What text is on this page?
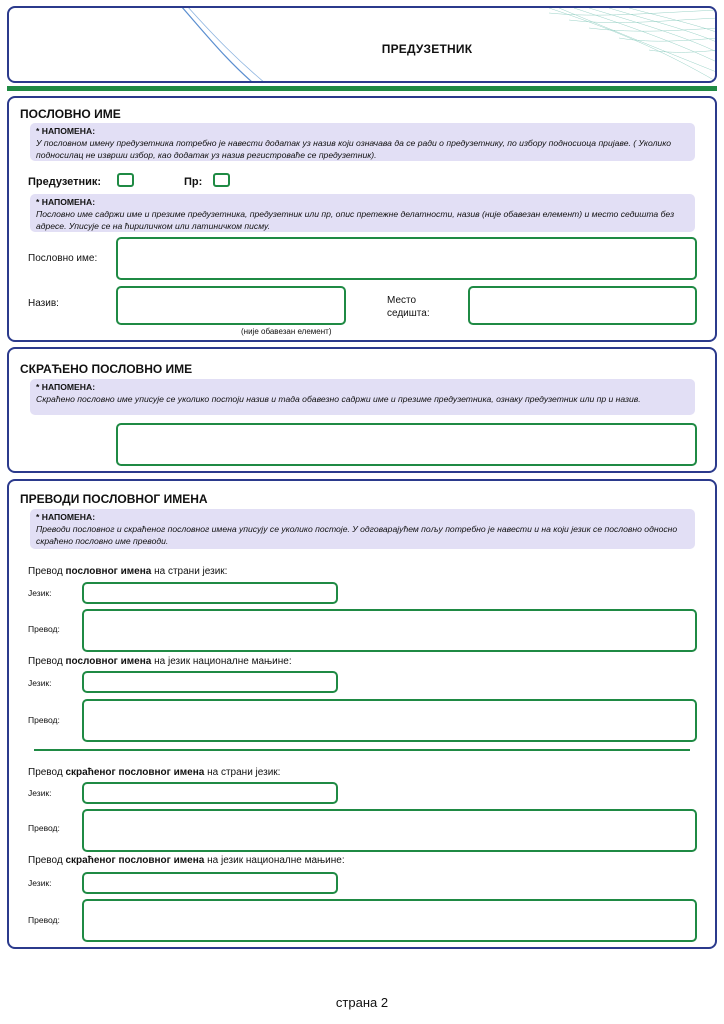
ПРЕДУЗЕТНИК
ПОСЛОВНО ИМЕ
* НАПОМЕНА:
У пословном имену предузетника потребно је навести додатак уз назив који означава да се ради о предузетнику, по избору подносиоца пријаве. ( Уколико подносилац не изврши избор, као додатак уз назив регистроваће се предузетник).
Предузетник:	Пр:
* НАПОМЕНА:
Пословно име садржи име и презиме предузетника, предузетник или пр, опис претежне делатности, назив (није обавезан елемент) и место седишта без адресе. Уписује се на ћириличком или латиничком писму.
Пословно име:
Назив:
(није обавезан елемент)
Место седишта:
СКРАЋЕНО ПОСЛОВНО ИМЕ
* НАПОМЕНА:
Скраћено пословно име уписује се уколико постоји назив и тада обавезно садржи име и презиме предузетника, ознаку предузетник или пр и назив.
ПРЕВОДИ ПОСЛОВНОГ ИМЕНА
* НАПОМЕНА:
Преводи пословног и скраћеног пословног имена уписују се уколико постоје. У одговарајућем пољу потребно је навести и на који језик се пословно односно скраћено пословно име преводи.
Превод пословног имена на страни језик:
Језик:
Превод:
Превод пословног имена на језик националне мањине:
Језик:
Превод:
Превод скраћеног пословног имена на страни језик:
Језик:
Превод:
Превод скраћеног пословног имена на језик националне мањине:
Језик:
Превод:
страна 2
